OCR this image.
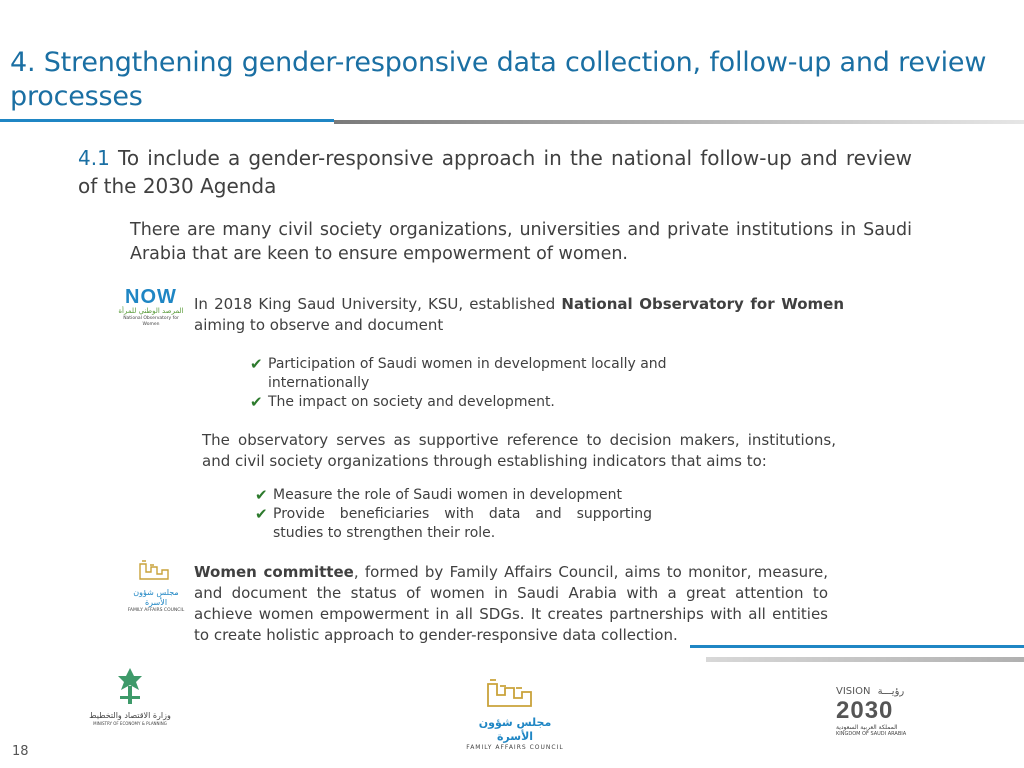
4. Strengthening gender-responsive data collection, follow-up and review processes
4.1 To include a gender-responsive approach in the national follow-up and review of the 2030 Agenda
There are many civil society organizations, universities and private institutions in Saudi Arabia that are keen to ensure empowerment of women.
NOW
المرصد الوطني للمرأة
National Observatory for Women
In 2018 King Saud University, KSU, established National Observatory for Women aiming to observe and document
✔ Participation of Saudi women in development locally and internationally
✔ The impact on society and development.
The observatory serves as supportive reference to decision makers, institutions, and civil society organizations through establishing indicators that aims to:
✔ Measure the role of Saudi women in development
✔ Provide beneficiaries with data and supporting studies to strengthen their role.
مجلس شؤون الأسرة
FAMILY AFFAIRS COUNCIL
Women committee, formed by Family Affairs Council, aims to monitor, measure, and document the status of women in Saudi Arabia with a great attention to achieve women empowerment in all SDGs. It creates partnerships with all entities to create holistic approach to gender-responsive data collection.
وزارة الاقتصاد والتخطيط
MINISTRY OF ECONOMY & PLANNING	مجلس شؤون الأسرة
FAMILY AFFAIRS COUNCIL
VISION رؤيـــة
2030
المملكة العربية السعودية
KINGDOM OF SAUDI ARABIA
18
